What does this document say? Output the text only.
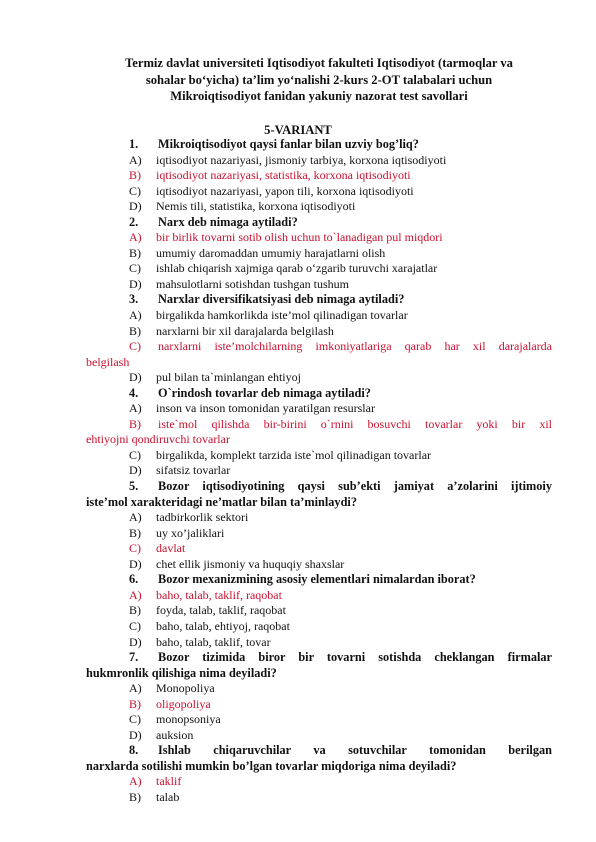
Termiz davlat universiteti Iqtisodiyot fakulteti Iqtisodiyot (tarmoqlar va
sohalar bo‘yicha) ta’lim yo‘nalishi 2-kurs 2-OT talabalari uchun
Mikroiqtisodiyot fanidan yakuniy nazorat test savollari
5-VARIANT
1. Mikroiqtisodiyot qaysi fanlar bilan uzviy bog’liq?
A) iqtisodiyot nazariyasi, jismoniy tarbiya, korxona iqtisodiyoti
B) iqtisodiyot nazariyasi, statistika, korxona iqtisodiyoti
C) iqtisodiyot nazariyasi, yapon tili, korxona iqtisodiyoti
D) Nemis tili, statistika, korxona iqtisodiyoti
2. Narx deb nimaga aytiladi?
A) bir birlik tovarni sotib olish uchun to`lanadigan pul miqdori
B) umumiy daromaddan umumiy harajatlarni olish
C) ishlab chiqarish xajmiga qarab o‘zgarib turuvchi xarajatlar
D) mahsulotlarni sotishdan tushgan tushum
3. Narxlar diversifikatsiyasi deb nimaga aytiladi?
A) birgalikda hamkorlikda iste’mol qilinadigan tovarlar
B) narxlarni bir xil darajalarda belgilash
C) narxlarni iste’molchilarning imkoniyatlariga qarab har xil darajalarda
belgilash
D) pul bilan ta`minlangan ehtiyoj
4. O`rindosh tovarlar deb nimaga aytiladi?
A) inson va inson tomonidan yaratilgan resurslar
B) iste`mol qilishda bir-birini o`rnini bosuvchi tovarlar yoki bir xil
ehtiyojni qondiruvchi tovarlar
C) birgalikda, komplekt tarzida iste`mol qilinadigan tovarlar
D) sifatsiz tovarlar
5. Bozor iqtisodiyotining qaysi sub’ekti jamiyat a’zolarini ijtimoiy
iste’mol xarakteridagi ne’matlar bilan ta’minlaydi?
A) tadbirkorlik sektori
B) uy xo’jaliklari
C) davlat
D) chet ellik jismoniy va huquqiy shaxslar
6. Bozor mexanizmining asosiy elementlari nimalardan iborat?
A) baho, talab, taklif, raqobat
B) foyda, talab, taklif, raqobat
C) baho, talab, ehtiyoj, raqobat
D) baho, talab, taklif, tovar
7. Bozor tizimida biror bir tovarni sotishda cheklangan firmalar
hukmronlik qilishiga nima deyiladi?
A) Monopoliya
B) oligopoliya
C) monopsoniya
D) auksion
8. Ishlab chiqaruvchilar va sotuvchilar tomonidan berilgan
narxlarda sotilishi mumkin bo’lgan tovarlar miqdoriga nima deyiladi?
A) taklif
B) talab
